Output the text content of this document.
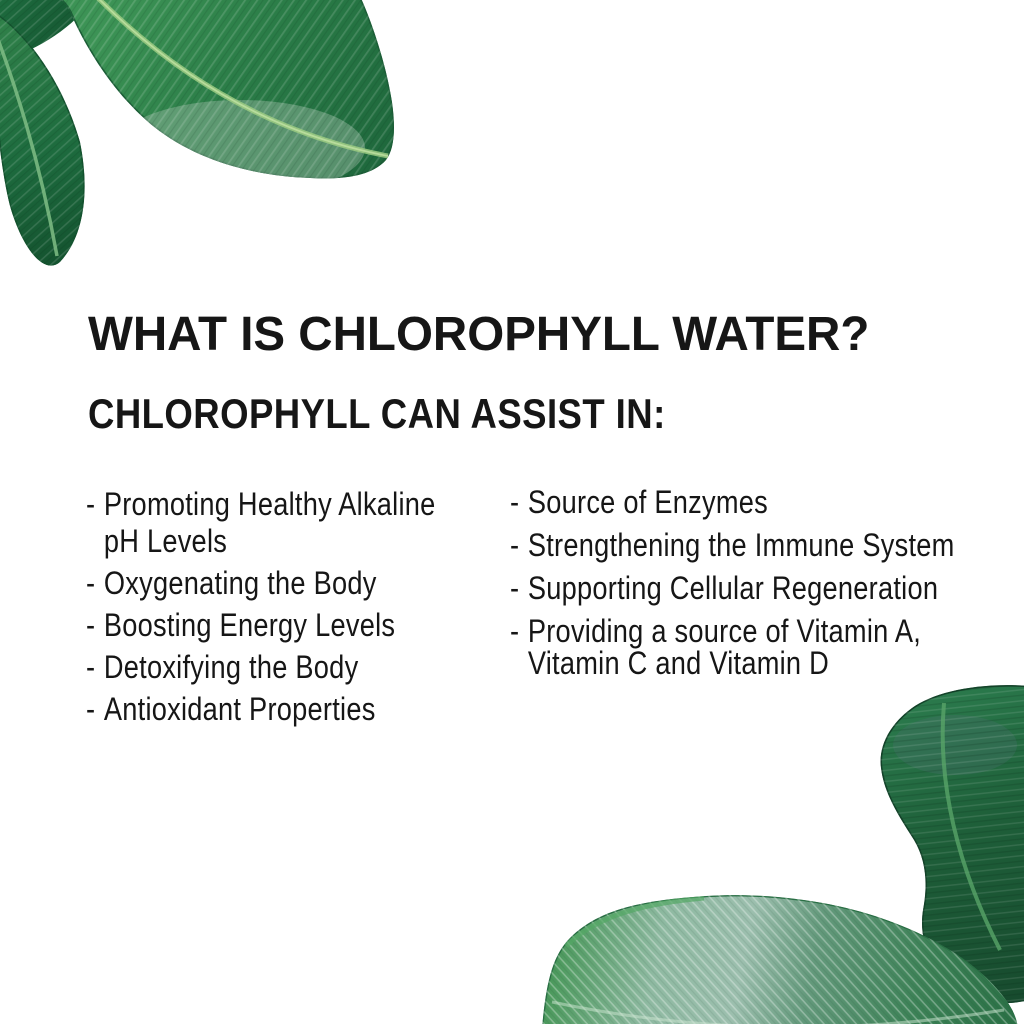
WHAT IS CHLOROPHYLL WATER?
CHLOROPHYLL CAN ASSIST IN:
- Promoting Healthy Alkaline
pH Levels
- Oxygenating the Body
- Boosting Energy Levels
- Detoxifying the Body
- Antioxidant Properties
- Source of Enzymes
- Strengthening the Immune System
- Supporting Cellular Regeneration
- Providing a source of Vitamin A,
Vitamin C and Vitamin D
